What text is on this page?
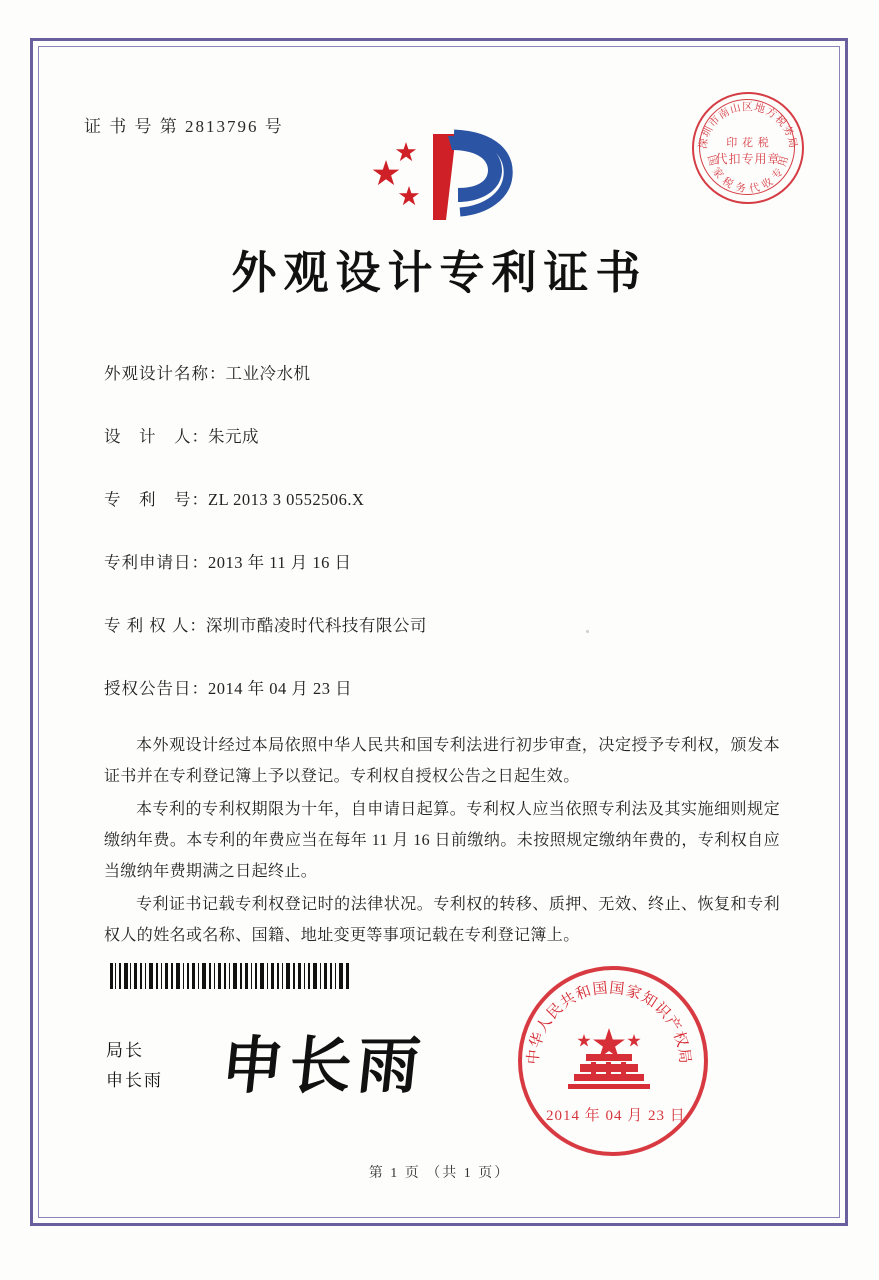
证 书 号 第 2813796 号
深圳市南山区地方税务局
国 家 税 务 代 收 专 用
印 花 税
代扣专用章
外观设计专利证书
外观设计名称：工业冷水机
设　计　人：朱元成
专　利　号：ZL 2013 3 0552506.X
专利申请日：2013 年 11 月 16 日
专 利 权 人：深圳市酷凌时代科技有限公司
授权公告日：2014 年 04 月 23 日

本外观设计经过本局依照中华人民共和国专利法进行初步审查，决定授予专利权，颁发本证书并在专利登记簿上予以登记。专利权自授权公告之日起生效。

本专利的专利权期限为十年，自申请日起算。专利权人应当依照专利法及其实施细则规定缴纳年费。本专利的年费应当在每年 11 月 16 日前缴纳。未按照规定缴纳年费的，专利权自应当缴纳年费期满之日起终止。

专利证书记载专利权登记时的法律状况。专利权的转移、质押、无效、终止、恢复和专利权人的姓名或名称、国籍、地址变更等事项记载在专利登记簿上。

局长
申长雨 申长雨	中华人民共和国国家知识产权局
2014 年 04 月 23 日
第 1 页 （共 1 页）
